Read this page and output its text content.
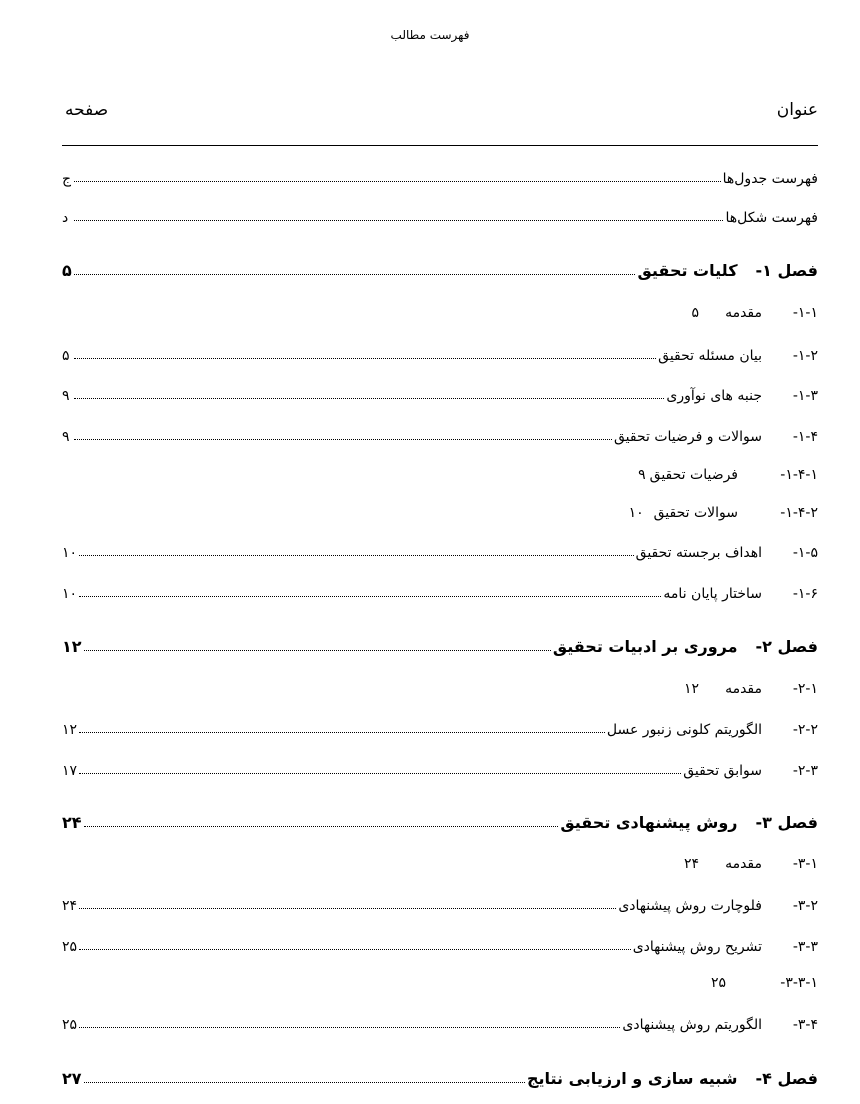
فهرست مطالب
عنوان
صفحه
فهرست جدول‌ها
ج
فهرست شکل‌ها
د
فصل ۱-
کلیات تحقیق
۵
۱-۱-
مقدمه
۵
۱-۲-
بیان مسئله تحقیق
۵
۱-۳-
جنبه های نوآوری
۹
۱-۴-
سوالات و فرضیات تحقیق
۹
۱-۴-۱-
فرضیات تحقیق
۹
۱-۴-۲-
سوالات تحقیق
۱۰
۱-۵-
اهداف برجسته تحقیق
۱۰
۱-۶-
ساختار پایان نامه
۱۰
فصل ۲-
مروری بر ادبیات تحقیق
۱۲
۲-۱-
مقدمه
۱۲
۲-۲-
الگوریتم کلونی زنبور عسل
۱۲
۲-۳-
سوابق تحقیق
۱۷
فصل ۳-
روش پیشنهادی تحقیق
۲۴
۳-۱-
مقدمه
۲۴
۳-۲-
فلوچارت روش پیشنهادی
۲۴
۳-۳-
تشریح روش پیشنهادی
۲۵
۳-۳-۱-
۲۵
۳-۴-
الگوریتم روش پیشنهادی
۲۵
فصل ۴-
شبیه سازی و ارزیابی نتایج
۲۷
